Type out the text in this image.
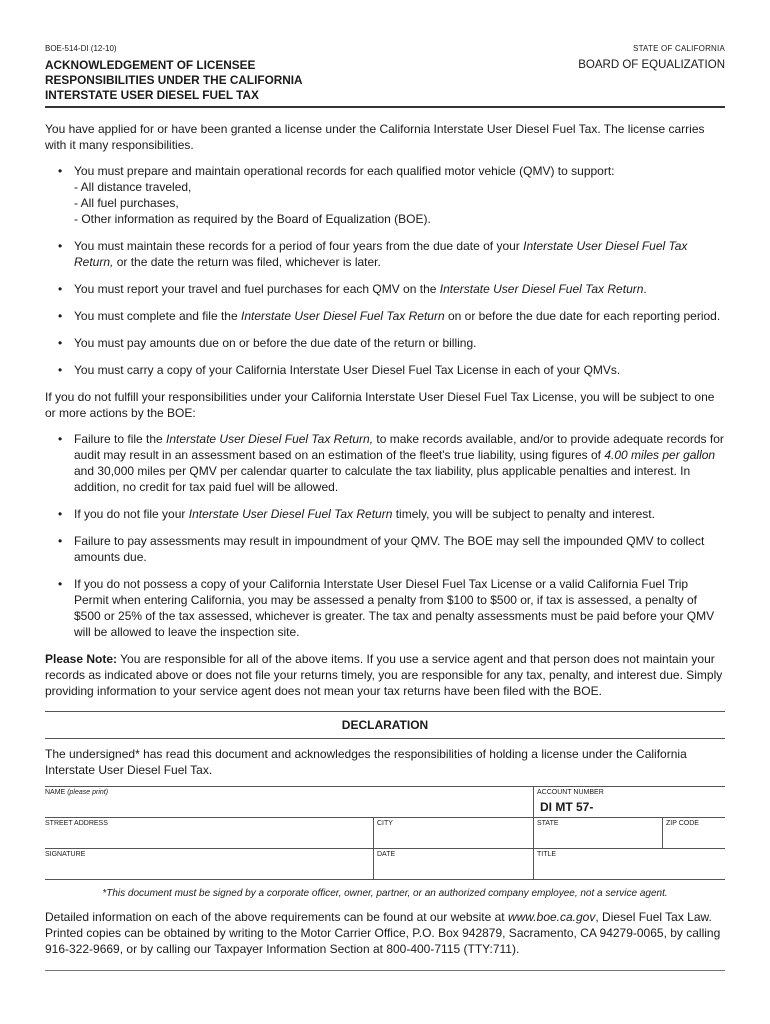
BOE-514-DI (12-10)
ACKNOWLEDGEMENT OF LICENSEE
RESPONSIBILITIES UNDER THE CALIFORNIA
INTERSTATE USER DIESEL FUEL TAX
STATE OF CALIFORNIA
BOARD OF EQUALIZATION

You have applied for or have been granted a license under the California Interstate User Diesel Fuel Tax. The license carries with it many responsibilities.

• You must prepare and maintain operational records for each qualified motor vehicle (QMV) to support:
- All distance traveled,
- All fuel purchases,
- Other information as required by the Board of Equalization (BOE).
• You must maintain these records for a period of four years from the due date of your Interstate User Diesel Fuel Tax Return, or the date the return was filed, whichever is later.
• You must report your travel and fuel purchases for each QMV on the Interstate User Diesel Fuel Tax Return.
• You must complete and file the Interstate User Diesel Fuel Tax Return on or before the due date for each reporting period.
• You must pay amounts due on or before the due date of the return or billing.
• You must carry a copy of your California Interstate User Diesel Fuel Tax License in each of your QMVs.

If you do not fulfill your responsibilities under your California Interstate User Diesel Fuel Tax License, you will be subject to one or more actions by the BOE:

• Failure to file the Interstate User Diesel Fuel Tax Return, to make records available, and/or to provide adequate records for audit may result in an assessment based on an estimation of the fleet's true liability, using figures of 4.00 miles per gallon and 30,000 miles per QMV per calendar quarter to calculate the tax liability, plus applicable penalties and interest. In addition, no credit for tax paid fuel will be allowed.
• If you do not file your Interstate User Diesel Fuel Tax Return timely, you will be subject to penalty and interest.
• Failure to pay assessments may result in impoundment of your QMV. The BOE may sell the impounded QMV to collect amounts due.
• If you do not possess a copy of your California Interstate User Diesel Fuel Tax License or a valid California Fuel Trip Permit when entering California, you may be assessed a penalty from $100 to $500 or, if tax is assessed, a penalty of $500 or 25% of the tax assessed, whichever is greater. The tax and penalty assessments must be paid before your QMV will be allowed to leave the inspection site.

Please Note: You are responsible for all of the above items. If you use a service agent and that person does not maintain your records as indicated above or does not file your returns timely, you are responsible for any tax, penalty, and interest due. Simply providing information to your service agent does not mean your tax returns have been filed with the BOE.

DECLARATION

The undersigned* has read this document and acknowledges the responsibilities of holding a license under the California Interstate User Diesel Fuel Tax.

NAME (please print)	ACCOUNT NUMBER
DI MT 57-
STREET ADDRESS	CITY	STATE	ZIP CODE
SIGNATURE	DATE	TITLE

*This document must be signed by a corporate officer, owner, partner, or an authorized company employee, not a service agent.

Detailed information on each of the above requirements can be found at our website at www.boe.ca.gov, Diesel Fuel Tax Law. Printed copies can be obtained by writing to the Motor Carrier Office, P.O. Box 942879, Sacramento, CA 94279-0065, by calling 916-322-9669, or by calling our Taxpayer Information Section at 800-400-7115 (TTY:711).
